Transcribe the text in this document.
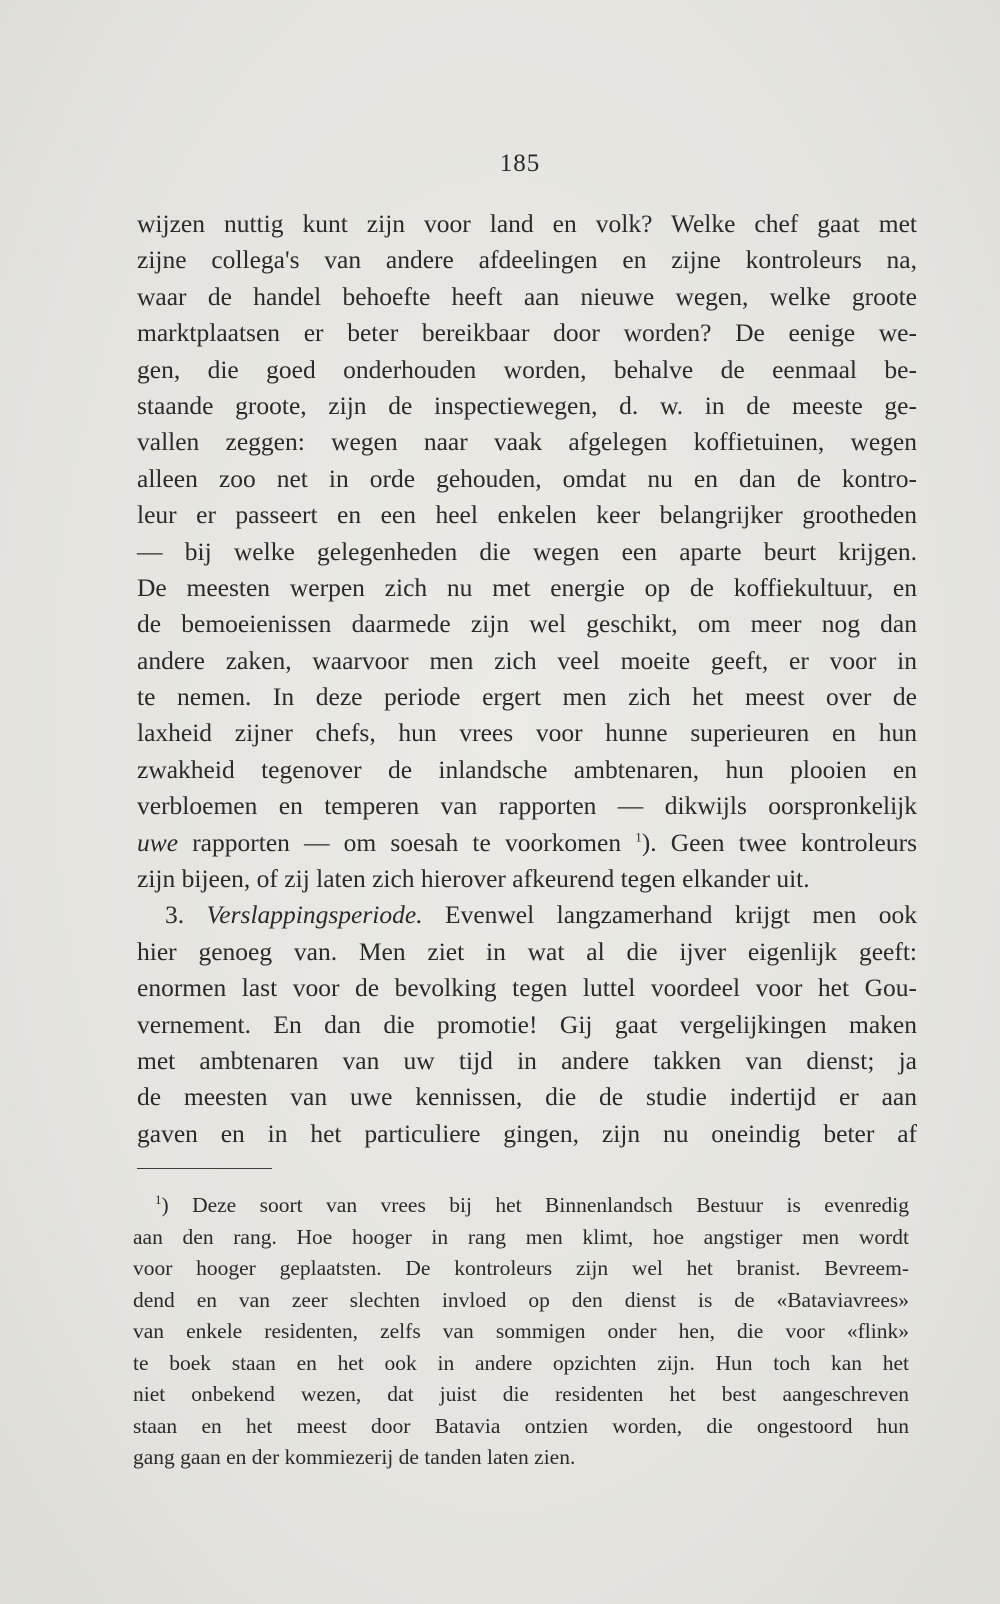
185
wijzen nuttig kunt zijn voor land en volk? Welke chef gaat met
zijne collega's van andere afdeelingen en zijne kontroleurs na,
waar de handel behoefte heeft aan nieuwe wegen, welke groote
marktplaatsen er beter bereikbaar door worden? De eenige we-
gen, die goed onderhouden worden, behalve de eenmaal be-
staande groote, zijn de inspectiewegen, d. w. in de meeste ge-
vallen zeggen: wegen naar vaak afgelegen koffietuinen, wegen
alleen zoo net in orde gehouden, omdat nu en dan de kontro-
leur er passeert en een heel enkelen keer belangrijker grootheden
— bij welke gelegenheden die wegen een aparte beurt krijgen.
De meesten werpen zich nu met energie op de koffiekultuur, en
de bemoeienissen daarmede zijn wel geschikt, om meer nog dan
andere zaken, waarvoor men zich veel moeite geeft, er voor in
te nemen. In deze periode ergert men zich het meest over de
laxheid zijner chefs, hun vrees voor hunne superieuren en hun
zwakheid tegenover de inlandsche ambtenaren, hun plooien en
verbloemen en temperen van rapporten — dikwijls oorspronkelijk
uwe rapporten — om soesah te voorkomen $^1$). Geen twee kontroleurs
zijn bijeen, of zij laten zich hierover afkeurend tegen elkander uit.
3. Verslappingsperiode. Evenwel langzamerhand krijgt men ook
hier genoeg van. Men ziet in wat al die ijver eigenlijk geeft:
enormen last voor de bevolking tegen luttel voordeel voor het Gou-
vernement. En dan die promotie! Gij gaat vergelijkingen maken
met ambtenaren van uw tijd in andere takken van dienst; ja
de meesten van uwe kennissen, die de studie indertijd er aan
gaven en in het particuliere gingen, zijn nu oneindig beter af
$^1$) Deze soort van vrees bij het Binnenlandsch Bestuur is evenredig
aan den rang. Hoe hooger in rang men klimt, hoe angstiger men wordt
voor hooger geplaatsten. De kontroleurs zijn wel het branist. Bevreem-
dend en van zeer slechten invloed op den dienst is de «Bataviavrees»
van enkele residenten, zelfs van sommigen onder hen, die voor «flink»
te boek staan en het ook in andere opzichten zijn. Hun toch kan het
niet onbekend wezen, dat juist die residenten het best aangeschreven
staan en het meest door Batavia ontzien worden, die ongestoord hun
gang gaan en der kommiezerij de tanden laten zien.
